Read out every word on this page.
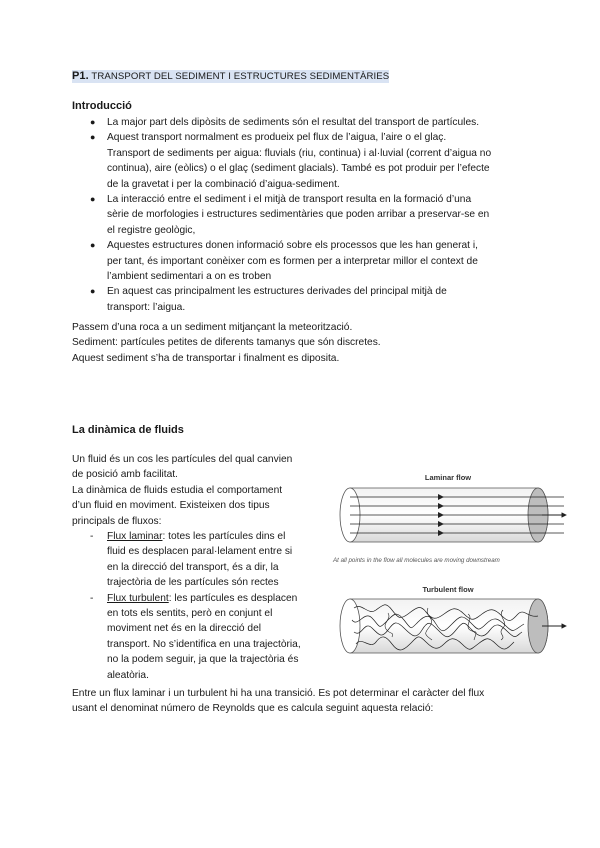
P1. TRANSPORT DEL SEDIMENT I ESTRUCTURES SEDIMENTÀRIES
Introducció
● La major part dels dipòsits de sediments són el resultat del transport de partícules.
● Aquest transport normalment es produeix pel flux de l’aigua, l’aire o el glaç.
Transport de sediments per aigua: fluvials (riu, continua) i al·luvial (corrent d’aigua no
continua), aire (eòlics) o el glaç (sediment glacials). També es pot produir per l’efecte
de la gravetat i per la combinació d’aigua-sediment.
● La interacció entre el sediment i el mitjà de transport resulta en la formació d’una
sèrie de morfologies i estructures sedimentàries que poden arribar a preservar-se en
el registre geològic,
● Aquestes estructures donen informació sobre els processos que les han generat i,
per tant, és important conèixer com es formen per a interpretar millor el context de
l’ambient sedimentari a on es troben
● En aquest cas principalment les estructures derivades del principal mitjà de
transport: l’aigua.
Passem d’una roca a un sediment mitjançant la meteorització.
Sediment: partícules petites de diferents tamanys que són discretes.
Aquest sediment s’ha de transportar i finalment es diposita.
La dinàmica de fluids
Un fluid és un cos les partícules del qual canvien
de posició amb facilitat.
La dinàmica de fluids estudia el comportament
d’un fluid en moviment. Existeixen dos tipus
principals de fluxos:
- Flux laminar: totes les partícules dins el
fluid es desplacen paral·lelament entre si
en la direcció del transport, és a dir, la
trajectòria de les partícules són rectes
- Flux turbulent: les partícules es desplacen
en tots els sentits, però en conjunt el
moviment net és en la direcció del
transport. No s’identifica en una trajectòria,
no la podem seguir, ja que la trajectòria és
aleatòria.
Laminar flow
At all points in the flow all molecules are moving downstream
Turbulent flow
Entre un flux laminar i un turbulent hi ha una transició. Es pot determinar el caràcter del flux
usant el denominat número de Reynolds que es calcula seguint aquesta relació:
